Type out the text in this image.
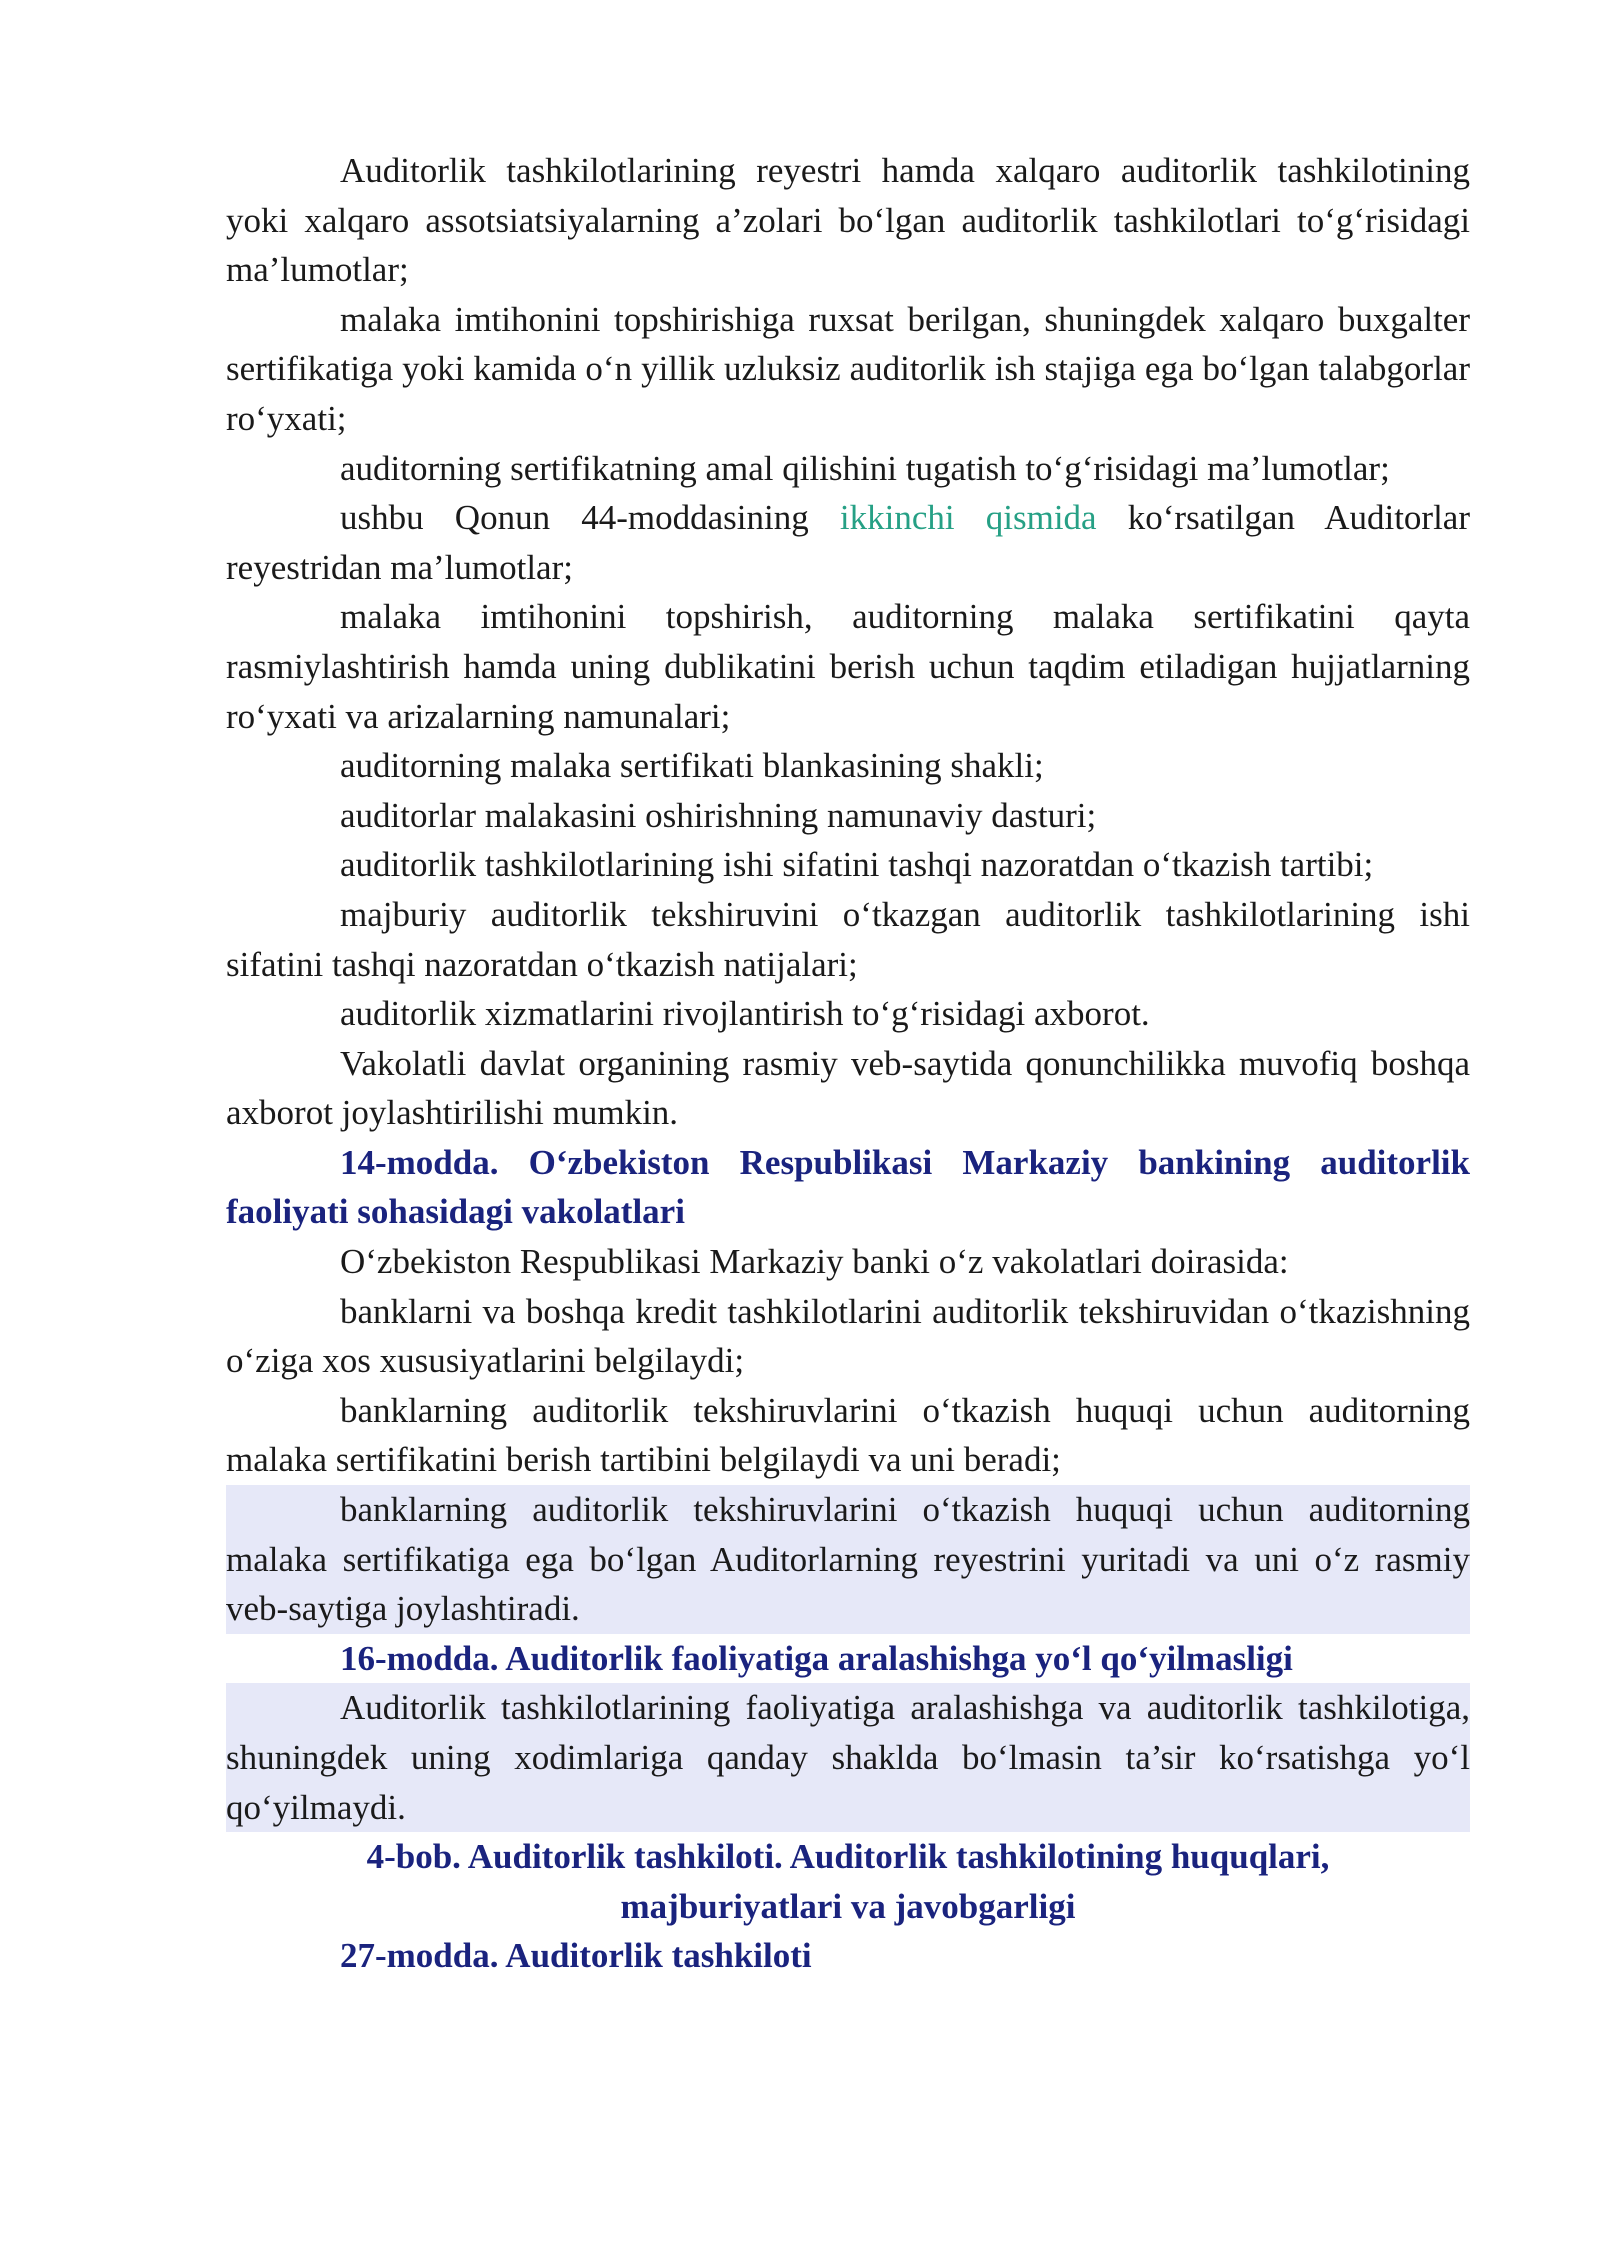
Auditorlik tashkilotlarining reyestri hamda xalqaro auditorlik tashkilotining yoki xalqaro assotsiatsiyalarning a’zolari bo‘lgan auditorlik tashkilotlari to‘g‘risidagi ma’lumotlar;

malaka imtihonini topshirishiga ruxsat berilgan, shuningdek xalqaro buxgalter sertifikatiga yoki kamida o‘n yillik uzluksiz auditorlik ish stajiga ega bo‘lgan talabgorlar ro‘yxati;

auditorning sertifikatning amal qilishini tugatish to‘g‘risidagi ma’lumotlar;

ushbu Qonun 44-moddasining ikkinchi qismida ko‘rsatilgan Auditorlar reyestridan ma’lumotlar;

malaka imtihonini topshirish, auditorning malaka sertifikatini qayta rasmiylashtirish hamda uning dublikatini berish uchun taqdim etiladigan hujjatlarning ro‘yxati va arizalarning namunalari;

auditorning malaka sertifikati blankasining shakli;

auditorlar malakasini oshirishning namunaviy dasturi;

auditorlik tashkilotlarining ishi sifatini tashqi nazoratdan o‘tkazish tartibi;

majburiy auditorlik tekshiruvini o‘tkazgan auditorlik tashkilotlarining ishi sifatini tashqi nazoratdan o‘tkazish natijalari;

auditorlik xizmatlarini rivojlantirish to‘g‘risidagi axborot.

Vakolatli davlat organining rasmiy veb-saytida qonunchilikka muvofiq boshqa axborot joylashtirilishi mumkin.

14-modda. O‘zbekiston Respublikasi Markaziy bankining auditorlik faoliyati sohasidagi vakolatlari

O‘zbekiston Respublikasi Markaziy banki o‘z vakolatlari doirasida:

banklarni va boshqa kredit tashkilotlarini auditorlik tekshiruvidan o‘tkazishning o‘ziga xos xususiyatlarini belgilaydi;

banklarning auditorlik tekshiruvlarini o‘tkazish huquqi uchun auditorning malaka sertifikatini berish tartibini belgilaydi va uni beradi;

banklarning auditorlik tekshiruvlarini o‘tkazish huquqi uchun auditorning malaka sertifikatiga ega bo‘lgan Auditorlarning reyestrini yuritadi va uni o‘z rasmiy veb-saytiga joylashtiradi.

16-modda. Auditorlik faoliyatiga aralashishga yo‘l qo‘yilmasligi

Auditorlik tashkilotlarining faoliyatiga aralashishga va auditorlik tashkilotiga, shuningdek uning xodimlariga qanday shaklda bo‘lmasin ta’sir ko‘rsatishga yo‘l qo‘yilmaydi.

4-bob. Auditorlik tashkiloti. Auditorlik tashkilotining huquqlari,

majburiyatlari va javobgarligi

27-modda. Auditorlik tashkiloti
